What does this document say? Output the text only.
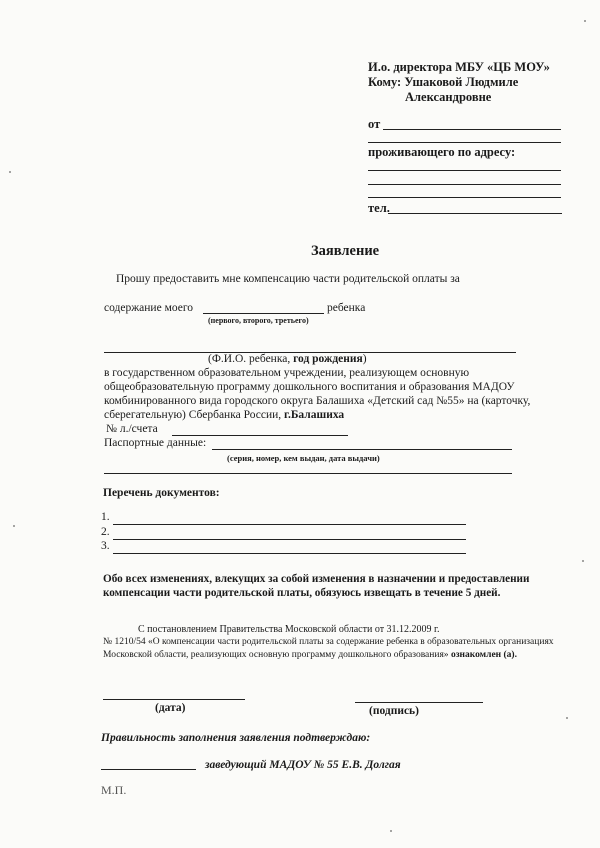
И.о. директора МБУ «ЦБ МОУ»
Кому: Ушаковой Людмиле
Александровне
от
проживающего по адресу:
тел.
Заявление
Прошу предоставить мне компенсацию части родительской оплаты за
содержание моего	ребенка
(первого, второго, третьего)
(Ф.И.О. ребенка, год рождения)
в государственном образовательном учреждении, реализующем основную
общеобразовательную программу дошкольного воспитания и образования МАДОУ
комбинированного вида городского округа Балашиха «Детский сад №55» на (карточку,
сберегательную) Сбербанка России, г.Балашиха
№ л./счета
Паспортные данные:
(серия, номер, кем выдан, дата выдачи)
Перечень документов:
1.
2.
3.
Обо всех изменениях, влекущих за собой изменения в назначении и предоставлении
компенсации части родительской платы, обязуюсь извещать в течение 5 дней.
С постановлением Правительства Московской области от 31.12.2009 г.
№ 1210/54 «О компенсации части родительской платы за содержание ребенка в образовательных организациях
Московской области, реализующих основную программу дошкольного образования» ознакомлен (а).
(дата)	(подпись)
Правильность заполнения заявления подтверждаю:
заведующий МАДОУ № 55 Е.В. Долгая
М.П.
